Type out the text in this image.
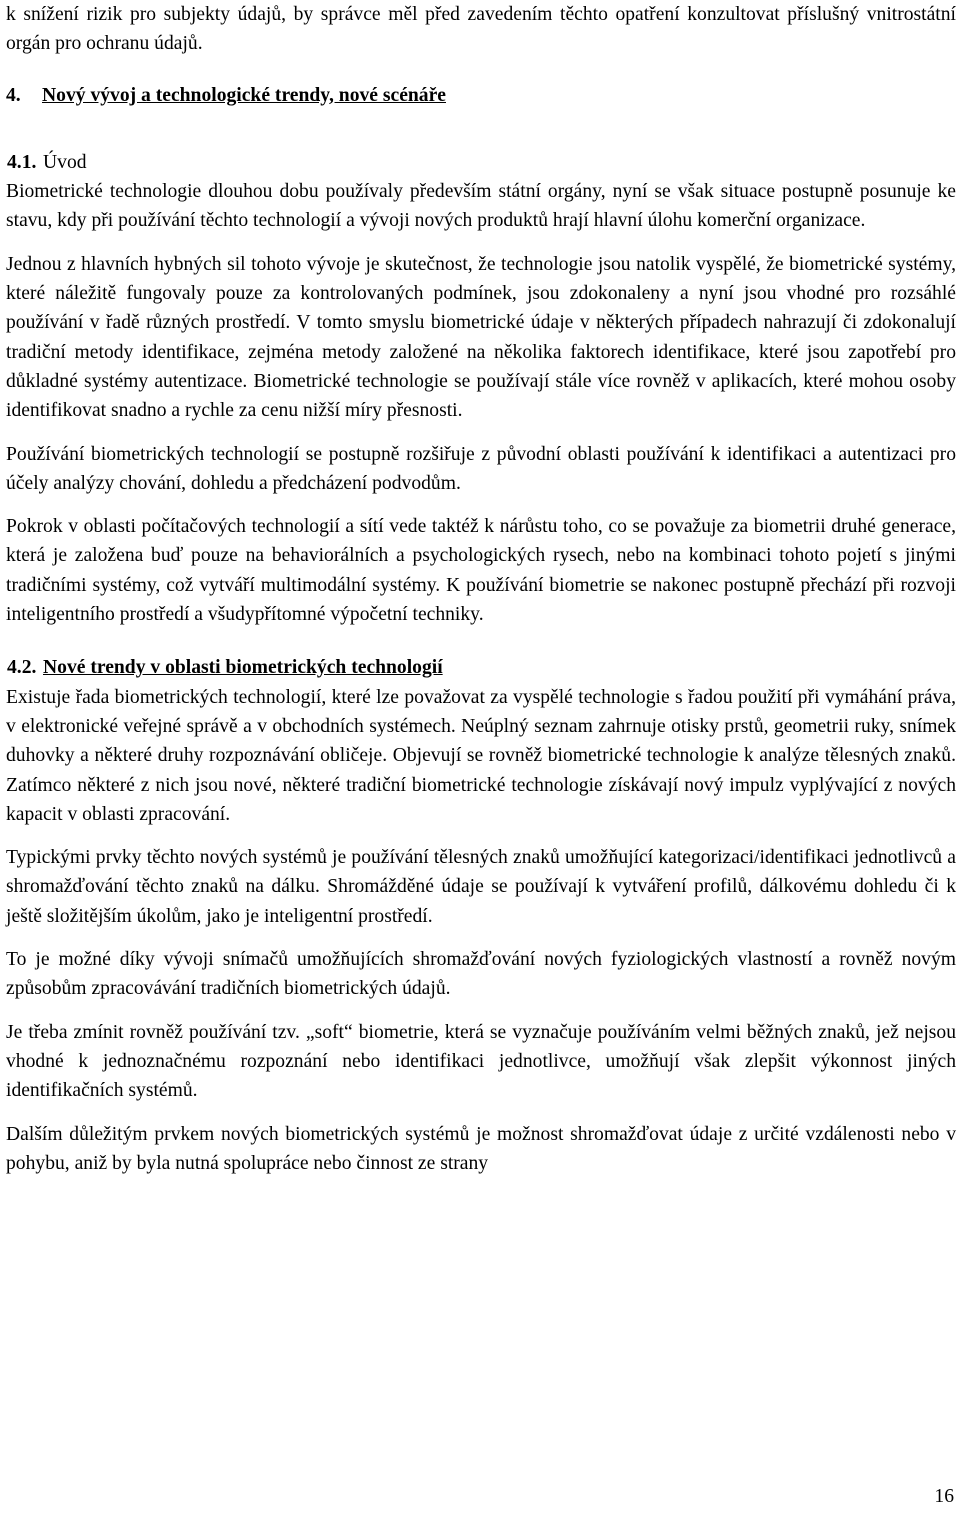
k snížení rizik pro subjekty údajů, by správce měl před zavedením těchto opatření konzultovat příslušný vnitrostátní orgán pro ochranu údajů.

4. Nový vývoj a technologické trendy, nové scénáře
4.1. Úvod

Biometrické technologie dlouhou dobu používaly především státní orgány, nyní se však situace postupně posunuje ke stavu, kdy při používání těchto technologií a vývoji nových produktů hrají hlavní úlohu komerční organizace.

Jednou z hlavních hybných sil tohoto vývoje je skutečnost, že technologie jsou natolik vyspělé, že biometrické systémy, které náležitě fungovaly pouze za kontrolovaných podmínek, jsou zdokonaleny a nyní jsou vhodné pro rozsáhlé používání v řadě různých prostředí. V tomto smyslu biometrické údaje v některých případech nahrazují či zdokonalují tradiční metody identifikace, zejména metody založené na několika faktorech identifikace, které jsou zapotřebí pro důkladné systémy autentizace. Biometrické technologie se používají stále více rovněž v aplikacích, které mohou osoby identifikovat snadno a rychle za cenu nižší míry přesnosti.

Používání biometrických technologií se postupně rozšiřuje z původní oblasti používání k identifikaci a autentizaci pro účely analýzy chování, dohledu a předcházení podvodům.

Pokrok v oblasti počítačových technologií a sítí vede taktéž k nárůstu toho, co se považuje za biometrii druhé generace, která je založena buď pouze na behaviorálních a psychologických rysech, nebo na kombinaci tohoto pojetí s jinými tradičními systémy, což vytváří multimodální systémy. K používání biometrie se nakonec postupně přechází při rozvoji inteligentního prostředí a všudypřítomné výpočetní techniky.

4.2. Nové trendy v oblasti biometrických technologií

Existuje řada biometrických technologií, které lze považovat za vyspělé technologie s řadou použití při vymáhání práva, v elektronické veřejné správě a v obchodních systémech. Neúplný seznam zahrnuje otisky prstů, geometrii ruky, snímek duhovky a některé druhy rozpoznávání obličeje. Objevují se rovněž biometrické technologie k analýze tělesných znaků. Zatímco některé z nich jsou nové, některé tradiční biometrické technologie získávají nový impulz vyplývající z nových kapacit v oblasti zpracování.

Typickými prvky těchto nových systémů je používání tělesných znaků umožňující kategorizaci/identifikaci jednotlivců a shromažďování těchto znaků na dálku. Shromážděné údaje se používají k vytváření profilů, dálkovému dohledu či k ještě složitějším úkolům, jako je inteligentní prostředí.

To je možné díky vývoji snímačů umožňujících shromažďování nových fyziologických vlastností a rovněž novým způsobům zpracovávání tradičních biometrických údajů.

Je třeba zmínit rovněž používání tzv. „soft“ biometrie, která se vyznačuje používáním velmi běžných znaků, jež nejsou vhodné k jednoznačnému rozpoznání nebo identifikaci jednotlivce, umožňují však zlepšit výkonnost jiných identifikačních systémů.

Dalším důležitým prvkem nových biometrických systémů je možnost shromažďovat údaje z určité vzdálenosti nebo v pohybu, aniž by byla nutná spolupráce nebo činnost ze strany

16
